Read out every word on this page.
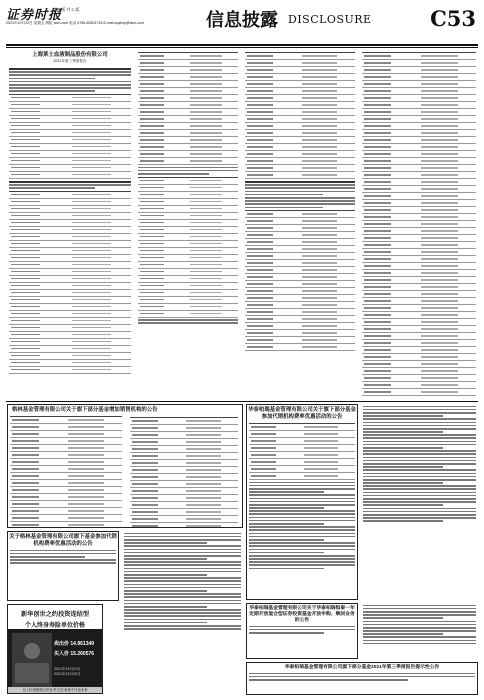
证券时报
第1 版 共 C 版
2021年10月22日 星期五 网址 stcn.com 电话 0755-83501718 E-mail:zqsbxp@stcn.com	信息披露 DISCLOSURE	C53
上海莱士血液制品股份有限公司
2021年第三季度报告
格林基金管理有限公司关于旗下部分基金增加销售机构的公告	华泰柏瑞基金管理有限公司关于旗下部分基金参加代销机构费率优惠活动的公告
关于格林基金管理有限公司旗下基金参加代销机构费率优惠活动的公告
华泰柏瑞基金管理有限公司关于华泰柏瑞恒泰一年定期开放混合型证券投资基金开放申购、赎回业务的公告
华泰柏瑞基金管理有限公司旗下部分基金2021年第三季度报告提示性公告
新华创世之约投资连结型
个人终身寿险单位价格
卖出价 14.961349
买入价 15.260576
2021年10月21日
2021年10月22日
以上价格数据仅供参考 过往表现不代表未来
